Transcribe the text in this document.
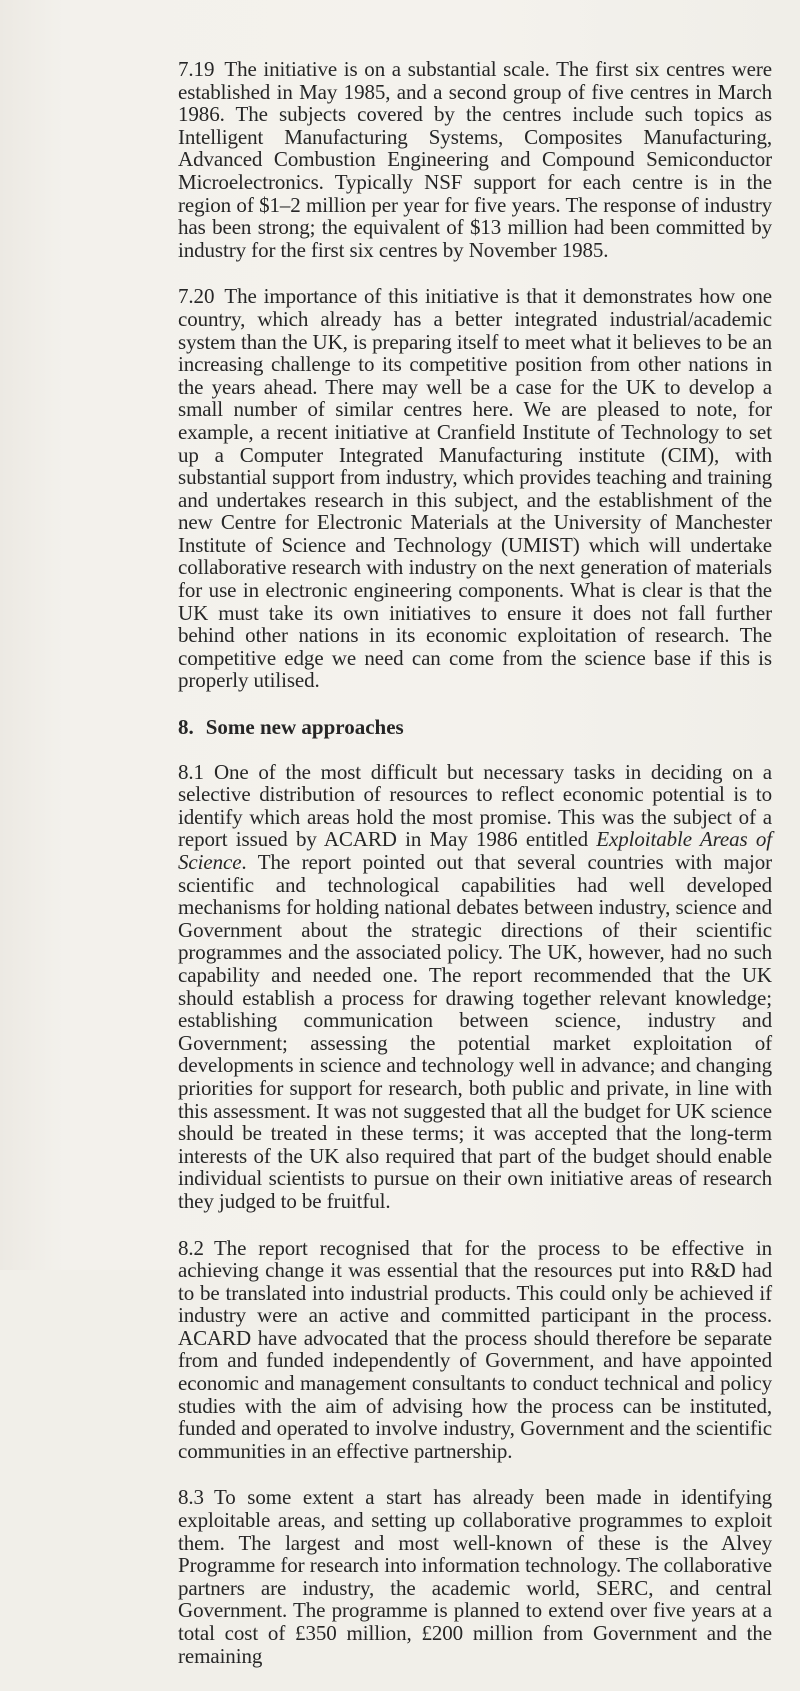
7.19 The initiative is on a substantial scale. The first six centres were established in May 1985, and a second group of five centres in March 1986. The subjects covered by the centres include such topics as Intelligent Manufacturing Systems, Composites Manufacturing, Advanced Combustion Engineering and Compound Semiconductor Microelectronics. Typically NSF support for each centre is in the region of $1–2 million per year for five years. The response of industry has been strong; the equivalent of $13 million had been committed by industry for the first six centres by November 1985.

7.20 The importance of this initiative is that it demonstrates how one country, which already has a better integrated industrial/academic system than the UK, is preparing itself to meet what it believes to be an increasing challenge to its competitive position from other nations in the years ahead. There may well be a case for the UK to develop a small number of similar centres here. We are pleased to note, for example, a recent initiative at Cranfield Institute of Technology to set up a Computer Integrated Manufacturing institute (CIM), with substantial support from industry, which provides teaching and training and undertakes research in this subject, and the establishment of the new Centre for Electronic Materials at the University of Manchester Institute of Science and Technology (UMIST) which will undertake collaborative research with industry on the next generation of materials for use in electronic engineering components. What is clear is that the UK must take its own initiatives to ensure it does not fall further behind other nations in its economic exploitation of research. The competitive edge we need can come from the science base if this is properly utilised.

8. Some new approaches

8.1 One of the most difficult but necessary tasks in deciding on a selective distribution of resources to reflect economic potential is to identify which areas hold the most promise. This was the subject of a report issued by ACARD in May 1986 entitled Exploitable Areas of Science. The report pointed out that several countries with major scientific and technological capabilities had well developed mechanisms for holding national debates between industry, science and Government about the strategic directions of their scientific programmes and the associated policy. The UK, however, had no such capability and needed one. The report recommended that the UK should establish a process for drawing together relevant knowledge; establishing communication between science, industry and Government; assessing the potential market exploitation of developments in science and technology well in advance; and changing priorities for support for research, both public and private, in line with this assessment. It was not suggested that all the budget for UK science should be treated in these terms; it was accepted that the long-term interests of the UK also required that part of the budget should enable individual scientists to pursue on their own initiative areas of research they judged to be fruitful.

8.2 The report recognised that for the process to be effective in achieving change it was essential that the resources put into R&D had to be translated into industrial products. This could only be achieved if industry were an active and committed participant in the process. ACARD have advocated that the process should therefore be separate from and funded independently of Government, and have appointed economic and management consultants to conduct technical and policy studies with the aim of advising how the process can be instituted, funded and operated to involve industry, Government and the scientific communities in an effective partnership.

8.3 To some extent a start has already been made in identifying exploitable areas, and setting up collaborative programmes to exploit them. The largest and most well-known of these is the Alvey Programme for research into information technology. The collaborative partners are industry, the academic world, SERC, and central Government. The programme is planned to extend over five years at a total cost of £350 million, £200 million from Government and the remaining
